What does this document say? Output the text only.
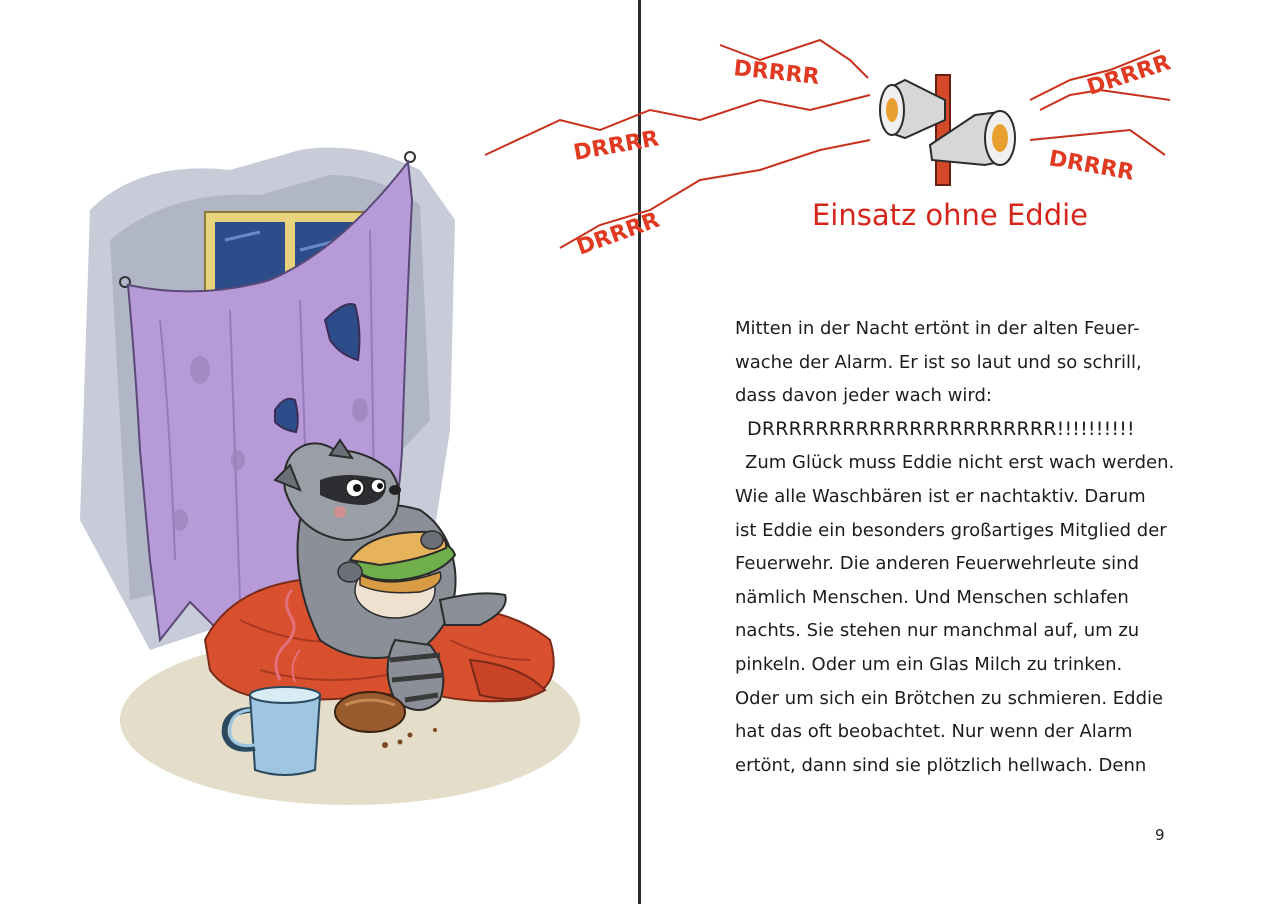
DRRRR
DRRRR
DRRRR
DRRRR
DRRRR
Einsatz ohne Eddie
Mitten in der Nacht ertönt in der alten Feuer-
wache der Alarm. Er ist so laut und so schrill,
dass davon jeder wach wird:
DRRRRRRRRRRRRRRRRRRRRRR!!!!!!!!!!
Zum Glück muss Eddie nicht erst wach werden.
Wie alle Waschbären ist er nachtaktiv. Darum
ist Eddie ein besonders großartiges Mitglied der
Feuerwehr. Die anderen Feuerwehrleute sind
nämlich Menschen. Und Menschen schlafen
nachts. Sie stehen nur manchmal auf, um zu
pinkeln. Oder um ein Glas Milch zu trinken.
Oder um sich ein Brötchen zu schmieren. Eddie
hat das oft beobachtet. Nur wenn der Alarm
ertönt, dann sind sie plötzlich hellwach. Denn
9
